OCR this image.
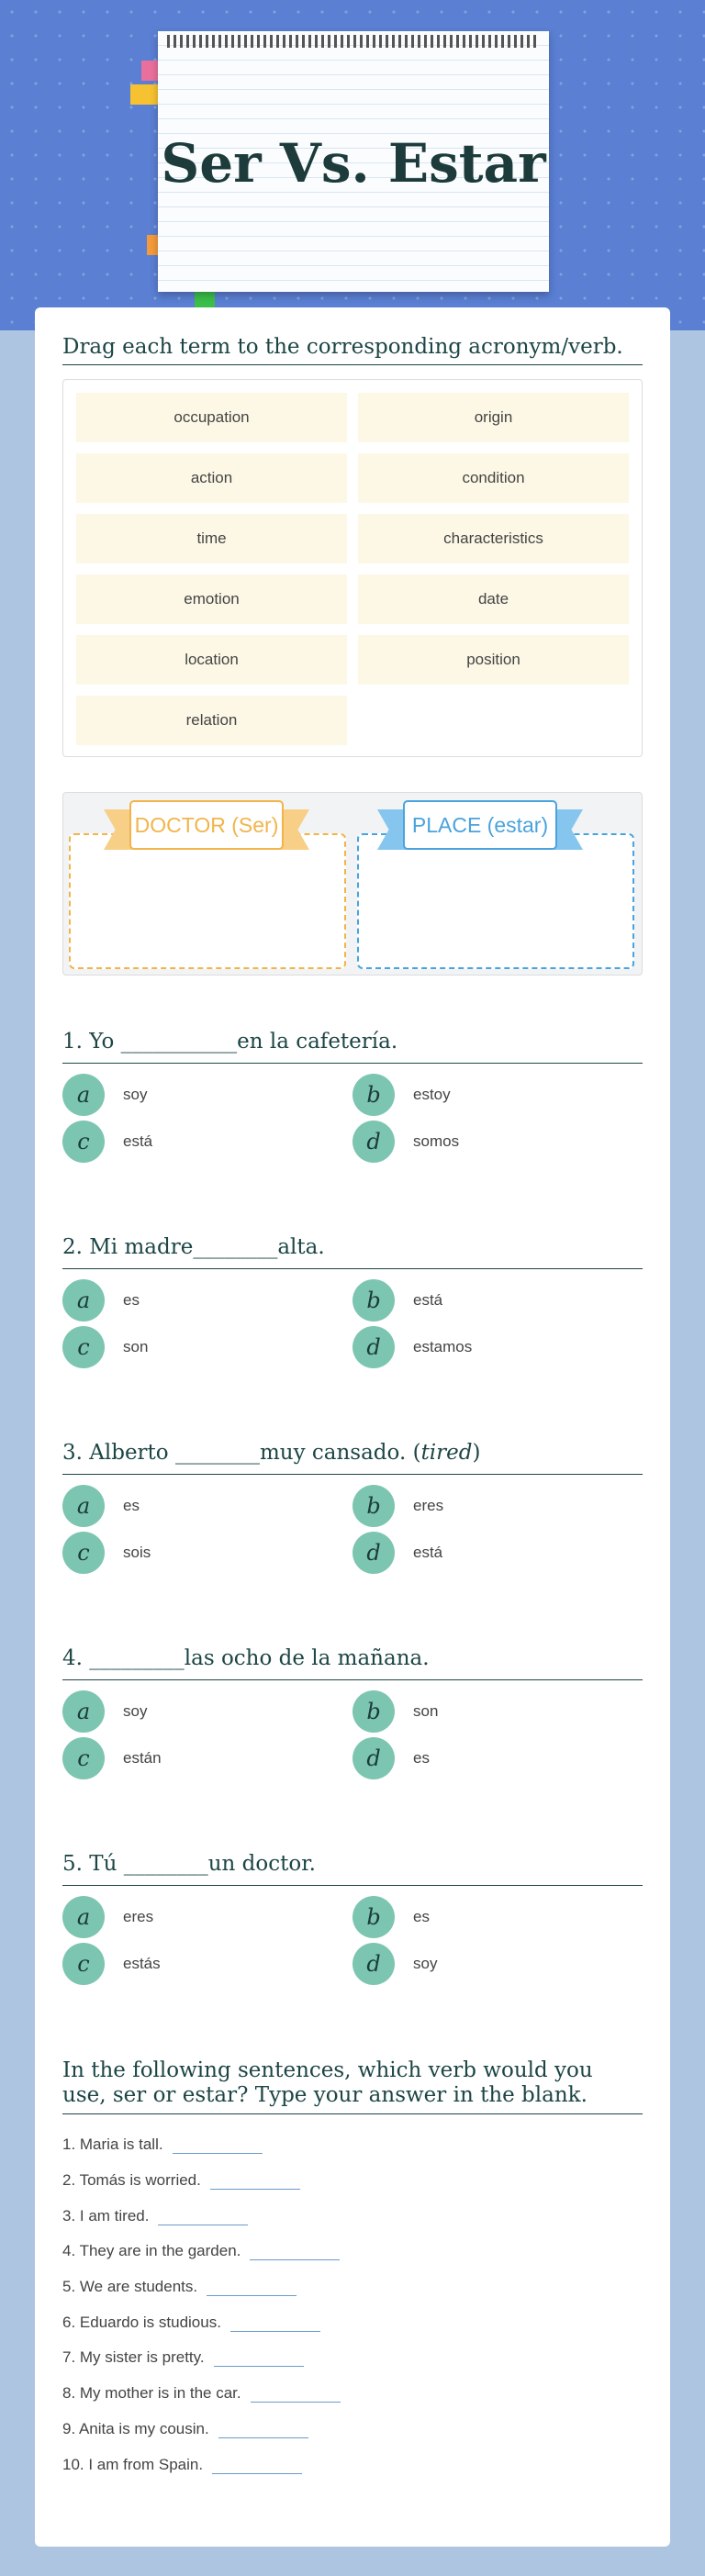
Ser Vs. Estar
Drag each term to the corresponding acronym/verb.
occupation	origin
action	condition
time	characteristics
emotion	date
location	position
relation
DOCTOR (Ser)	PLACE (estar)
1. Yo ___________en la cafetería.
a	soy	b	estoy
c	está	d	somos
2. Mi madre________alta.
a	es	b	está
c	son	d	estamos
3. Alberto ________muy cansado. (tired)
a	es	b	eres
c	sois	d	está
4. _________las ocho de la mañana.
a	soy	b	son
c	están	d	es
5. Tú ________un doctor.
a	eres	b	es
c	estás	d	soy
In the following sentences, which verb would you use, ser or estar? Type your answer in the blank.
1. Maria is tall.
2. Tomás is worried.
3. I am tired.
4. They are in the garden.
5. We are students.
6. Eduardo is studious.
7. My sister is pretty.
8. My mother is in the car.
9. Anita is my cousin.
10. I am from Spain.
